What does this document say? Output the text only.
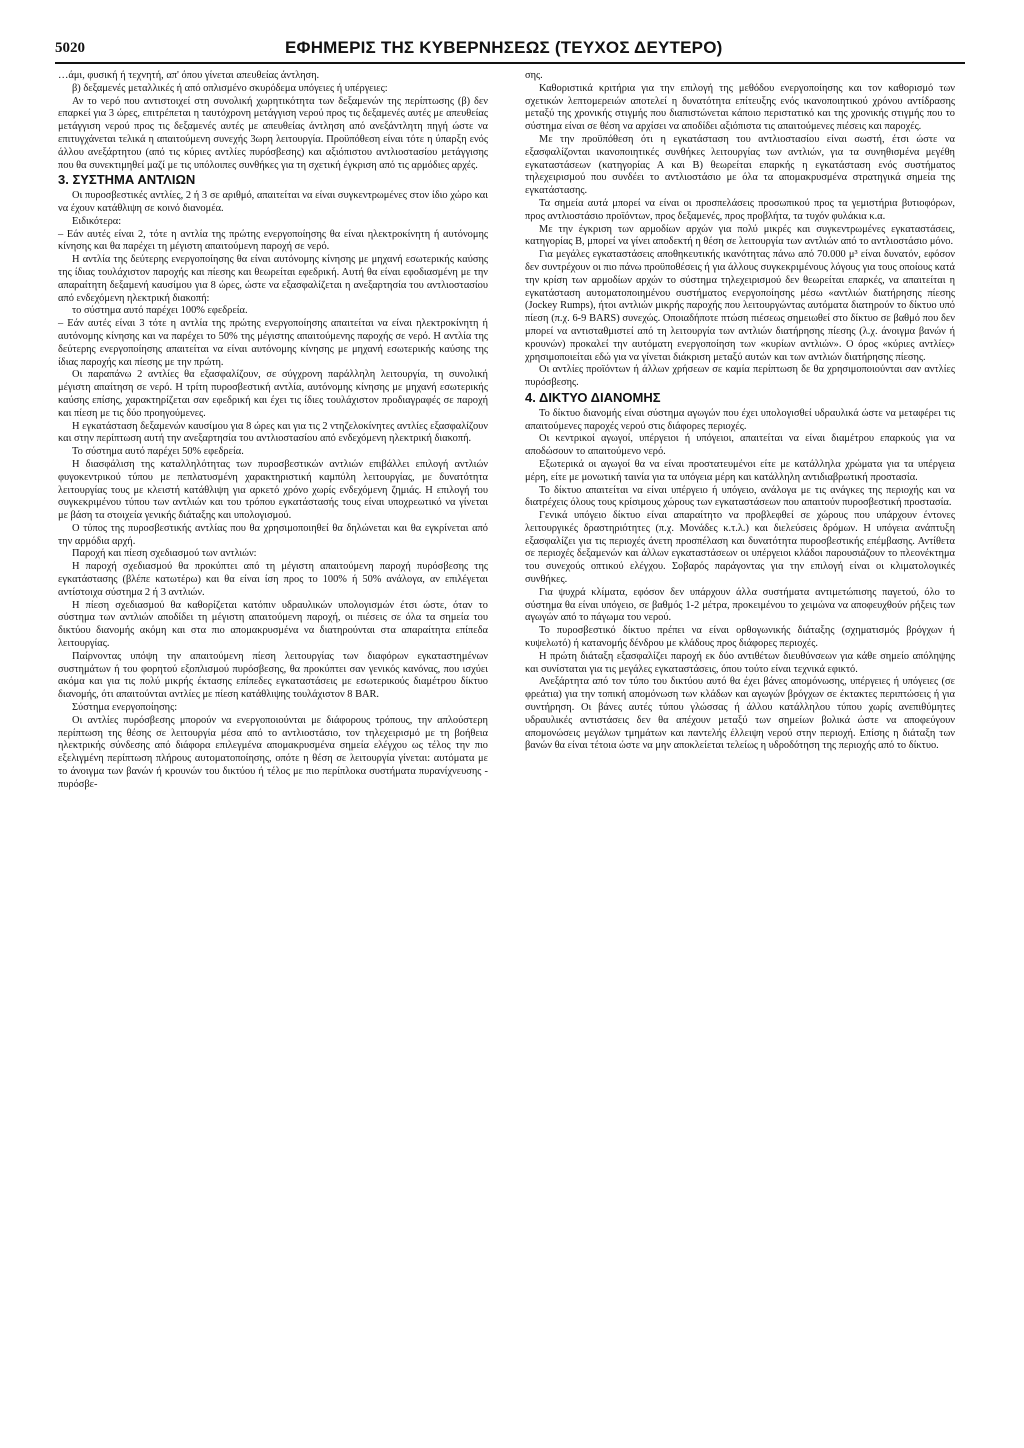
5020	ΕΦΗΜΕΡΙΣ ΤΗΣ ΚΥΒΕΡΝΗΣΕΩΣ (ΤΕΥΧΟΣ ΔΕΥΤΕΡΟ)

…άμι, φυσική ή τεχνητή, απ' όπου γίνεται απευθείας άντληση.

β) δεξαμενές μεταλλικές ή από οπλισμένο σκυρόδεμα υπόγειες ή υπέργειες:

Αν το νερό που αντιστοιχεί στη συνολική χωρητικότητα των δεξαμενών της περίπτωσης (β) δεν επαρκεί για 3 ώρες, επιτρέπεται η ταυτόχρονη μετάγγιση νερού προς τις δεξαμενές αυτές με απευθείας μετάγγιση νερού προς τις δεξαμενές αυτές με απευθείας άντληση από ανεξάντλητη πηγή ώστε να επιτυγχάνεται τελικά η απαιτούμενη συνεχής 3ωρη λειτουργία. Προϋπόθεση είναι τότε η ύπαρξη ενός άλλου ανεξάρτητου (από τις κύριες αντλίες πυρόσβεσης) και αξιόπιστου αντλιοστασίου μετάγγισης που θα συνεκτιμηθεί μαζί με τις υπόλοιπες συνθήκες για τη σχετική έγκριση από τις αρμόδιες αρχές.

3. ΣΥΣΤΗΜΑ ΑΝΤΛΙΩΝ

Οι πυροσβεστικές αντλίες, 2 ή 3 σε αριθμό, απαιτείται να είναι συγκεντρωμένες στον ίδιο χώρο και να έχουν κατάθλιψη σε κοινό διανομέα.

Ειδικότερα:

– Εάν αυτές είναι 2, τότε η αντλία της πρώτης ενεργοποίησης θα είναι ηλεκτροκίνητη ή αυτόνομης κίνησης και θα παρέχει τη μέγιστη απαιτούμενη παροχή σε νερό.

Η αντλία της δεύτερης ενεργοποίησης θα είναι αυτόνομης κίνησης με μηχανή εσωτερικής καύσης της ίδιας τουλάχιστον παροχής και πίεσης και θεωρείται εφεδρική. Αυτή θα είναι εφοδιασμένη με την απαραίτητη δεξαμενή καυσίμου για 8 ώρες, ώστε να εξασφαλίζεται η ανεξαρτησία του αντλιοστασίου από ενδεχόμενη ηλεκτρική διακοπή:

το σύστημα αυτό παρέχει 100% εφεδρεία.

– Εάν αυτές είναι 3 τότε η αντλία της πρώτης ενεργοποίησης απαιτείται να είναι ηλεκτροκίνητη ή αυτόνομης κίνησης και να παρέχει το 50% της μέγιστης απαιτούμενης παροχής σε νερό. Η αντλία της δεύτερης ενεργοποίησης απαιτείται να είναι αυτόνομης κίνησης με μηχανή εσωτερικής καύσης της ίδιας παροχής και πίεσης με την πρώτη.

Οι παραπάνω 2 αντλίες θα εξασφαλίζουν, σε σύγχρονη παράλληλη λειτουργία, τη συνολική μέγιστη απαίτηση σε νερό. Η τρίτη πυροσβεστική αντλία, αυτόνομης κίνησης με μηχανή εσωτερικής καύσης επίσης, χαρακτηρίζεται σαν εφεδρική και έχει τις ίδιες τουλάχιστον προδιαγραφές σε παροχή και πίεση με τις δύο προηγούμενες.

Η εγκατάσταση δεξαμενών καυσίμου για 8 ώρες και για τις 2 ντηζελοκίνητες αντλίες εξασφαλίζουν και στην περίπτωση αυτή την ανεξαρτησία του αντλιοστασίου από ενδεχόμενη ηλεκτρική διακοπή.

Το σύστημα αυτό παρέχει 50% εφεδρεία.

Η διασφάλιση της καταλληλότητας των πυροσβεστικών αντλιών επιβάλλει επιλογή αντλιών φυγοκεντρικού τύπου με πεπλατυσμένη χαρακτηριστική καμπύλη λειτουργίας, με δυνατότητα λειτουργίας τους με κλειστή κατάθλιψη για αρκετό χρόνο χωρίς ενδεχόμενη ζημιάς. Η επιλογή του συγκεκριμένου τύπου των αντλιών και του τρόπου εγκατάστασής τους είναι υποχρεωτικό να γίνεται με βάση τα στοιχεία γενικής διάταξης και υπολογισμού.

Ο τύπος της πυροσβεστικής αντλίας που θα χρησιμοποιηθεί θα δηλώνεται και θα εγκρίνεται από την αρμόδια αρχή.

Παροχή και πίεση σχεδιασμού των αντλιών:

Η παροχή σχεδιασμού θα προκύπτει από τη μέγιστη απαιτούμενη παροχή πυρόσβεσης της εγκατάστασης (βλέπε κατωτέρω) και θα είναι ίση προς το 100% ή 50% ανάλογα, αν επιλέγεται αντίστοιχα σύστημα 2 ή 3 αντλιών.

Η πίεση σχεδιασμού θα καθορίζεται κατόπιν υδραυλικών υπολογισμών έτσι ώστε, όταν το σύστημα των αντλιών αποδίδει τη μέγιστη απαιτούμενη παροχή, οι πιέσεις σε όλα τα σημεία του δικτύου διανομής ακόμη και στα πιο απομακρυσμένα να διατηρούνται στα απαραίτητα επίπεδα λειτουργίας.

Παίρνοντας υπόψη την απαιτούμενη πίεση λειτουργίας των διαφόρων εγκαταστημένων συστημάτων ή του φορητού εξοπλισμού πυρόσβεσης, θα προκύπτει σαν γενικός κανόνας, που ισχύει ακόμα και για τις πολύ μικρής έκτασης επίπεδες εγκαταστάσεις με εσωτερικούς διαμέτρου δίκτυο διανομής, ότι απαιτούνται αντλίες με πίεση κατάθλιψης τουλάχιστον 8 BAR.

Σύστημα ενεργοποίησης:

Οι αντλίες πυρόσβεσης μπορούν να ενεργοποιούνται με διάφορους τρόπους, την απλούστερη περίπτωση της θέσης σε λειτουργία μέσα από το αντλιοστάσιο, τον τηλεχειρισμό με τη βοήθεια ηλεκτρικής σύνδεσης από διάφορα επιλεγμένα απομακρυσμένα σημεία ελέγχου ως τέλος την πιο εξελιγμένη περίπτωση πλήρους αυτοματοποίησης, οπότε η θέση σε λειτουργία γίνεται: αυτόματα με το άνοιγμα των βανών ή κρουνών του δικτύου ή τέλος με πιο περίπλοκα συστήματα πυρανίχνευσης - πυρόσβε-

σης.

Καθοριστικά κριτήρια για την επιλογή της μεθόδου ενεργοποίησης και τον καθορισμό των σχετικών λεπτομερειών αποτελεί η δυνατότητα επίτευξης ενός ικανοποιητικού χρόνου αντίδρασης μεταξύ της χρονικής στιγμής που διαπιστώνεται κάποιο περιστατικό και της χρονικής στιγμής που το σύστημα είναι σε θέση να αρχίσει να αποδίδει αξιόπιστα τις απαιτούμενες πιέσεις και παροχές.

Με την προϋπόθεση ότι η εγκατάσταση του αντλιοστασίου είναι σωστή, έτσι ώστε να εξασφαλίζονται ικανοποιητικές συνθήκες λειτουργίας των αντλιών, για τα συνηθισμένα μεγέθη εγκαταστάσεων (κατηγορίας Α και Β) θεωρείται επαρκής η εγκατάσταση ενός συστήματος τηλεχειρισμού που συνδέει το αντλιοστάσιο με όλα τα απομακρυσμένα στρατηγικά σημεία της εγκατάστασης.

Τα σημεία αυτά μπορεί να είναι οι προσπελάσεις προσωπικού προς τα γεμιστήρια βυτιοφόρων, προς αντλιοστάσιο προϊόντων, προς δεξαμενές, προς προβλήτα, τα τυχόν φυλάκια κ.α.

Με την έγκριση των αρμοδίων αρχών για πολύ μικρές και συγκεντρωμένες εγκαταστάσεις, κατηγορίας Β, μπορεί να γίνει αποδεκτή η θέση σε λειτουργία των αντλιών από το αντλιοστάσιο μόνο.

Για μεγάλες εγκαταστάσεις αποθηκευτικής ικανότητας πάνω από 70.000 μ³ είναι δυνατόν, εφόσον δεν συντρέχουν οι πιο πάνω προϋποθέσεις ή για άλλους συγκεκριμένους λόγους για τους οποίους κατά την κρίση των αρμοδίων αρχών το σύστημα τηλεχειρισμού δεν θεωρείται επαρκές, να απαιτείται η εγκατάσταση αυτοματοποιημένου συστήματος ενεργοποίησης μέσω «αντλιών διατήρησης πίεσης (Jockey Rumps), ήτοι αντλιών μικρής παροχής που λειτουργώντας αυτόματα διατηρούν το δίκτυο υπό πίεση (π.χ. 6-9 BARS) συνεχώς. Οποιαδήποτε πτώση πιέσεως σημειωθεί στο δίκτυο σε βαθμό που δεν μπορεί να αντισταθμιστεί από τη λειτουργία των αντλιών διατήρησης πίεσης (λ.χ. άνοιγμα βανών ή κρουνών) προκαλεί την αυτόματη ενεργοποίηση των «κυρίων αντλιών». Ο όρος «κύριες αντλίες» χρησιμοποιείται εδώ για να γίνεται διάκριση μεταξύ αυτών και των αντλιών διατήρησης πίεσης.

Οι αντλίες προϊόντων ή άλλων χρήσεων σε καμία περίπτωση δε θα χρησιμοποιούνται σαν αντλίες πυρόσβεσης.

4. ΔΙΚΤΥΟ ΔΙΑΝΟΜΗΣ

Το δίκτυο διανομής είναι σύστημα αγωγών που έχει υπολογισθεί υδραυλικά ώστε να μεταφέρει τις απαιτούμενες παροχές νερού στις διάφορες περιοχές.

Οι κεντρικοί αγωγοί, υπέργειοι ή υπόγειοι, απαιτείται να είναι διαμέτρου επαρκούς για να αποδώσουν το απαιτούμενο νερό.

Εξωτερικά οι αγωγοί θα να είναι προστατευμένοι είτε με κατάλληλα χρώματα για τα υπέργεια μέρη, είτε με μονωτική ταινία για τα υπόγεια μέρη και κατάλληλη αντιδιαβρωτική προστασία.

Το δίκτυο απαιτείται να είναι υπέργειο ή υπόγειο, ανάλογα με τις ανάγκες της περιοχής και να διατρέχεις όλους τους κρίσιμους χώρους των εγκαταστάσεων που απαιτούν πυροσβεστική προστασία.

Γενικά υπόγειο δίκτυο είναι απαραίτητο να προβλεφθεί σε χώρους που υπάρχουν έντονες λειτουργικές δραστηριότητες (π.χ. Μονάδες κ.τ.λ.) και διελεύσεις δρόμων. Η υπόγεια ανάπτυξη εξασφαλίζει για τις περιοχές άνετη προσπέλαση και δυνατότητα πυροσβεστικής επέμβασης. Αντίθετα σε περιοχές δεξαμενών και άλλων εγκαταστάσεων οι υπέργειοι κλάδοι παρουσιάζουν το πλεονέκτημα του συνεχούς οπτικού ελέγχου. Σοβαρός παράγοντας για την επιλογή είναι οι κλιματολογικές συνθήκες.

Για ψυχρά κλίματα, εφόσον δεν υπάρχουν άλλα συστήματα αντιμετώπισης παγετού, όλο το σύστημα θα είναι υπόγειο, σε βαθμός 1-2 μέτρα, προκειμένου το χειμώνα να αποφευχθούν ρήξεις των αγωγών από το πάγωμα του νερού.

Το πυροσβεστικό δίκτυο πρέπει να είναι ορθογωνικής διάταξης (σχηματισμός βρόγχων ή κυψελωτό) ή κατανομής δένδρου με κλάδους προς διάφορες περιοχές.

Η πρώτη διάταξη εξασφαλίζει παροχή εκ δύο αντιθέτων διευθύνσεων για κάθε σημείο απόληψης και συνίσταται για τις μεγάλες εγκαταστάσεις, όπου τούτο είναι τεχνικά εφικτό.

Ανεξάρτητα από τον τύπο του δικτύου αυτό θα έχει βάνες απομόνωσης, υπέργειες ή υπόγειες (σε φρεάτια) για την τοπική απομόνωση των κλάδων και αγωγών βρόγχων σε έκτακτες περιπτώσεις ή για συντήρηση. Οι βάνες αυτές τύπου γλώσσας ή άλλου κατάλληλου τύπου χωρίς ανεπιθύμητες υδραυλικές αντιστάσεις δεν θα απέχουν μεταξύ των σημείων βολικά ώστε να αποφεύγουν απομονώσεις μεγάλων τμημάτων και παντελής έλλειψη νερού στην περιοχή. Επίσης η διάταξη των βανών θα είναι τέτοια ώστε να μην αποκλείεται τελείως η υδροδότηση της περιοχής από το δίκτυο.
